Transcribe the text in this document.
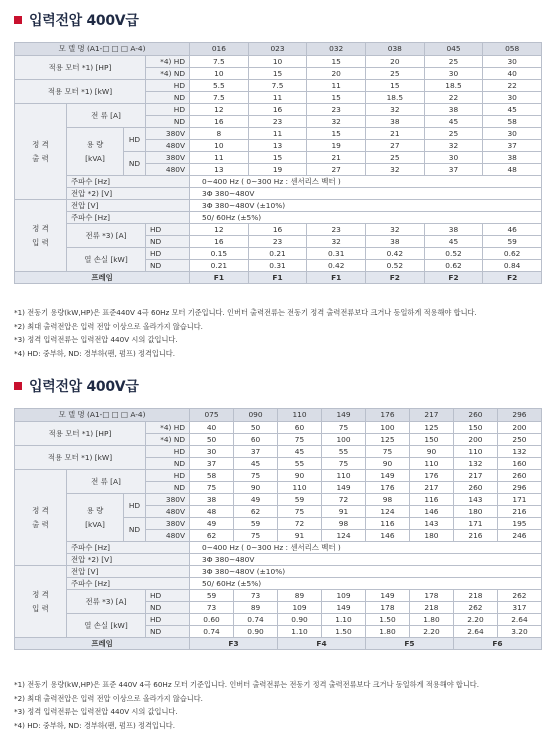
입력전압 400V급
모 델 명 (A1-□ □ □ A-4)				016	023	032	038	045	058
적용 모터 *1) [HP]			*4) HD	7.5	10	15	20	25	30
			*4) ND	10	15	20	25	30	40
적용 모터 *1) [kW]			HD	5.5	7.5	11	15	18.5	22
			ND	7.5	11	15	18.5	22	30
정 격
출 력	전 류 [A]		HD	12	16	23	32	38	45
			ND	16	23	32	38	45	58
	용 량
[kVA]	HD	380V	8	11	15	21	25	30
			480V	10	13	19	27	32	37
		ND	380V	11	15	21	25	30	38
			480V	13	19	27	32	37	48
	주파수 [Hz]			0~400 Hz ( 0~300 Hz : 센서리스 벡터 )					
	전압 *2) [V]			3Φ 380~480V					
정 격
입 력	전압 [V]			3Φ 380~480V (±10%)					
	주파수 [Hz]			50/ 60Hz (±5%)					
	전류 *3) [A]		HD	12	16	23	32	38	46
			ND	16	23	32	38	45	59
	열 손실 [kW]		HD	0.15	0.21	0.31	0.42	0.52	0.62
			ND	0.21	0.31	0.42	0.52	0.62	0.84
프레임				F1	F1	F1	F2	F2	F2
*1) 전동기 용량(kW,HP)은 표준440V 4극 60Hz 모터 기준입니다. 인버터 출력전류는 전동기 정격 출력전류보다 크거나 동일하게 적용해야 합니다.
*2) 최대 출력전압은 입력 전압 이상으로 올라가지 않습니다.
*3) 정격 입력전류는 입력전압 440V 시의 값입니다.
*4) HD: 중부하, ND: 경부하(팬, 펌프) 정격입니다.
입력전압 400V급
모 델 명 (A1-□ □ □ A-4)				075	090	110	149	176	217	260	296
적용 모터 *1) [HP]			*4) HD	40	50	60	75	100	125	150	200
			*4) ND	50	60	75	100	125	150	200	250
적용 모터 *1) [kW]			HD	30	37	45	55	75	90	110	132
			ND	37	45	55	75	90	110	132	160
정 격
출 력	전 류 [A]		HD	58	75	90	110	149	176	217	260
			ND	75	90	110	149	176	217	260	296
	용 량
[kVA]	HD	380V	38	49	59	72	98	116	143	171
			480V	48	62	75	91	124	146	180	216
		ND	380V	49	59	72	98	116	143	171	195
			480V	62	75	91	124	146	180	216	246
	주파수 [Hz]			0~400 Hz ( 0~300 Hz : 센서리스 벡터 )							
	전압 *2) [V]			3Φ 380~480V							
정 격
입 력	전압 [V]			3Φ 380~480V (±10%)							
	주파수 [Hz]			50/ 60Hz (±5%)							
	전류 *3) [A]		HD	59	73	89	109	149	178	218	262
			ND	73	89	109	149	178	218	262	317
	열 손실 [kW]		HD	0.60	0.74	0.90	1.10	1.50	1.80	2.20	2.64
			ND	0.74	0.90	1.10	1.50	1.80	2.20	2.64	3.20
프레임				F3		F4		F5		F6	
*1) 전동기 용량(kW,HP)은 표준 440V 4극 60Hz 모터 기준입니다. 인버터 출력전류는 전동기 정격 출력전류보다 크거나 동일하게 적용해야 합니다.
*2) 최대 출력전압은 입력 전압 이상으로 올라가지 않습니다.
*3) 정격 입력전류는 입력전압 440V 시의 값입니다.
*4) HD: 중부하, ND: 경부하(팬, 펌프) 정격입니다.
